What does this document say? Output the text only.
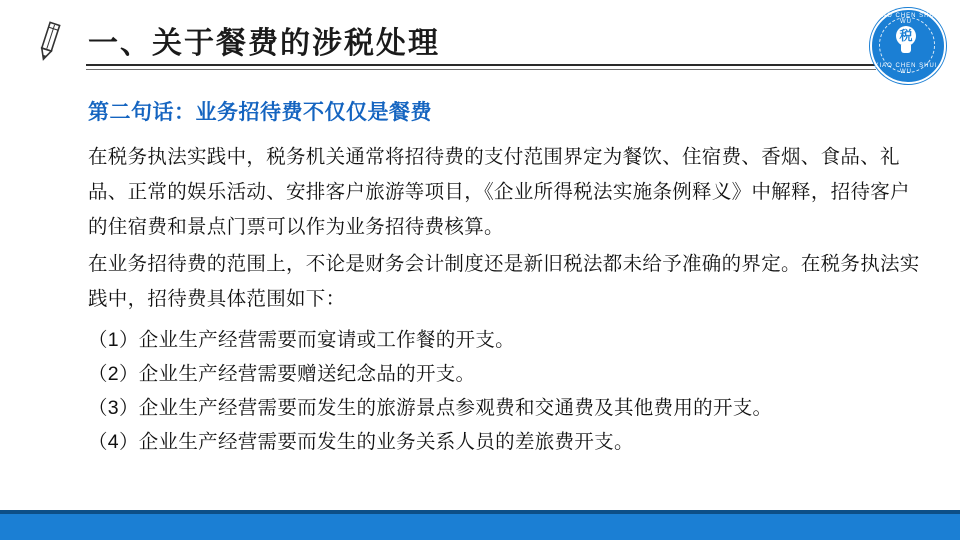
一、关于餐费的涉税处理	税
XIAO CHEN SHUI WU
XIAO CHEN SHUI WU
第二句话：业务招待费不仅仅是餐费

在税务执法实践中，税务机关通常将招待费的支付范围界定为餐饮、住宿费、香烟、食品、礼品、正常的娱乐活动、安排客户旅游等项目，《企业所得税法实施条例释义》中解释，招待客户的住宿费和景点门票可以作为业务招待费核算。

在业务招待费的范围上，不论是财务会计制度还是新旧税法都未给予准确的界定。在税务执法实践中，招待费具体范围如下：

（1）企业生产经营需要而宴请或工作餐的开支。
（2）企业生产经营需要赠送纪念品的开支。
（3）企业生产经营需要而发生的旅游景点参观费和交通费及其他费用的开支。
（4）企业生产经营需要而发生的业务关系人员的差旅费开支。
